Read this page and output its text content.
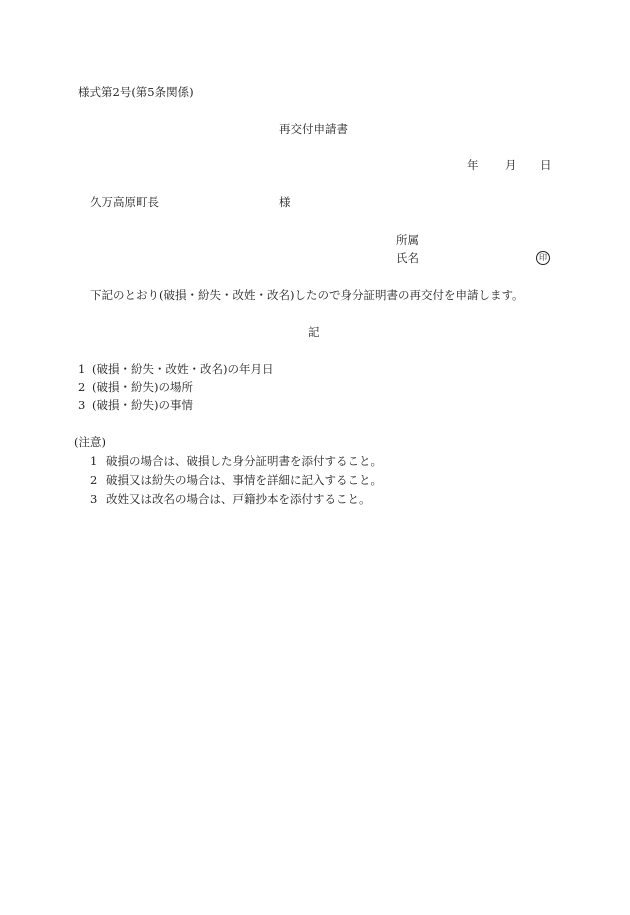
様式第2号(第5条関係)
再交付申請書
年 月 日
久万高原町長	様
所属
氏名	印
下記のとおり(破損・紛失・改姓・改名)したので身分証明書の再交付を申請します。
記
1 (破損・紛失・改姓・改名)の年月日
2 (破損・紛失)の場所
3 (破損・紛失)の事情
(注意)
1 破損の場合は、破損した身分証明書を添付すること。
2 破損又は紛失の場合は、事情を詳細に記入すること。
3 改姓又は改名の場合は、戸籍抄本を添付すること。
